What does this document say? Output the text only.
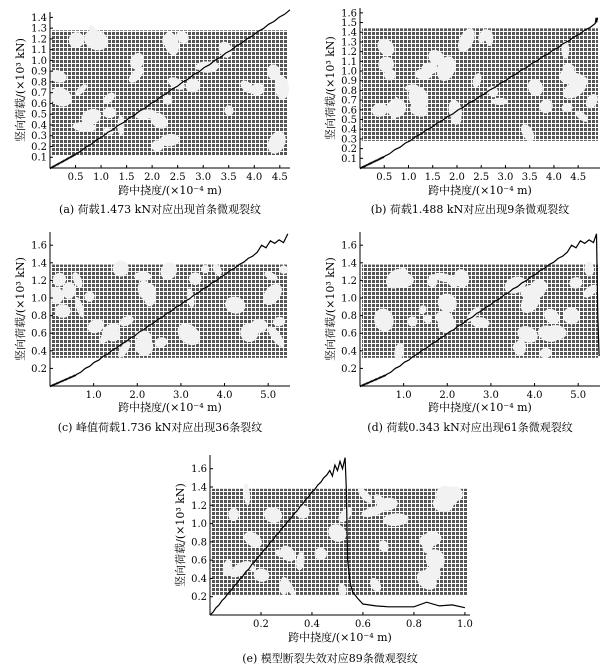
0.5 1.0 1.5 2.0 2.5 3.0 3.5 4.0 4.5
0.1
0.2
0.3
0.4
0.5
0.6
0.7
0.8
0.9
1.0
1.1
1.2
1.3
1.4
跨中挠度/(×10⁻⁴ m)
竖向荷载/(×10³ kN)
(a) 荷载1.473 kN对应出现首条微观裂纹
0.5 1.0 1.5 2.0 2.5 3.0 3.5 4.0 4.5
0.1
0.2
0.3
0.4
0.5
0.6
0.7
0.8
0.9
1.0
1.1
1.2
1.3
1.4
1.5
1.6
跨中挠度/(×10⁻⁴ m)
竖向荷载/(×10³ kN)
(b) 荷载1.488 kN对应出现9条微观裂纹
1.0	2.0	3.0	4.0	5.0
0.2
0.4
0.6
0.8
1.0
1.2
1.4
1.6
跨中挠度/(×10⁻⁴ m)
竖向荷载/(×10³ kN)
(c) 峰值荷载1.736 kN对应出现36条裂纹
1.0	2.0	3.0	4.0	5.0
0.2
0.4
0.6
0.8
1.0
1.2
1.4
1.6
跨中挠度/(×10⁻⁴ m)
竖向荷载/(×10³ kN)
(d) 荷载0.343 kN对应出现61条微观裂纹
0.2	0.4	0.6	0.8	1.0
0.2
0.4
0.6
0.8
1.0
1.2
1.4
1.6
跨中挠度/(×10⁻⁴ m)
竖向荷载/(×10³ kN)
(e) 模型断裂失效对应89条微观裂纹
